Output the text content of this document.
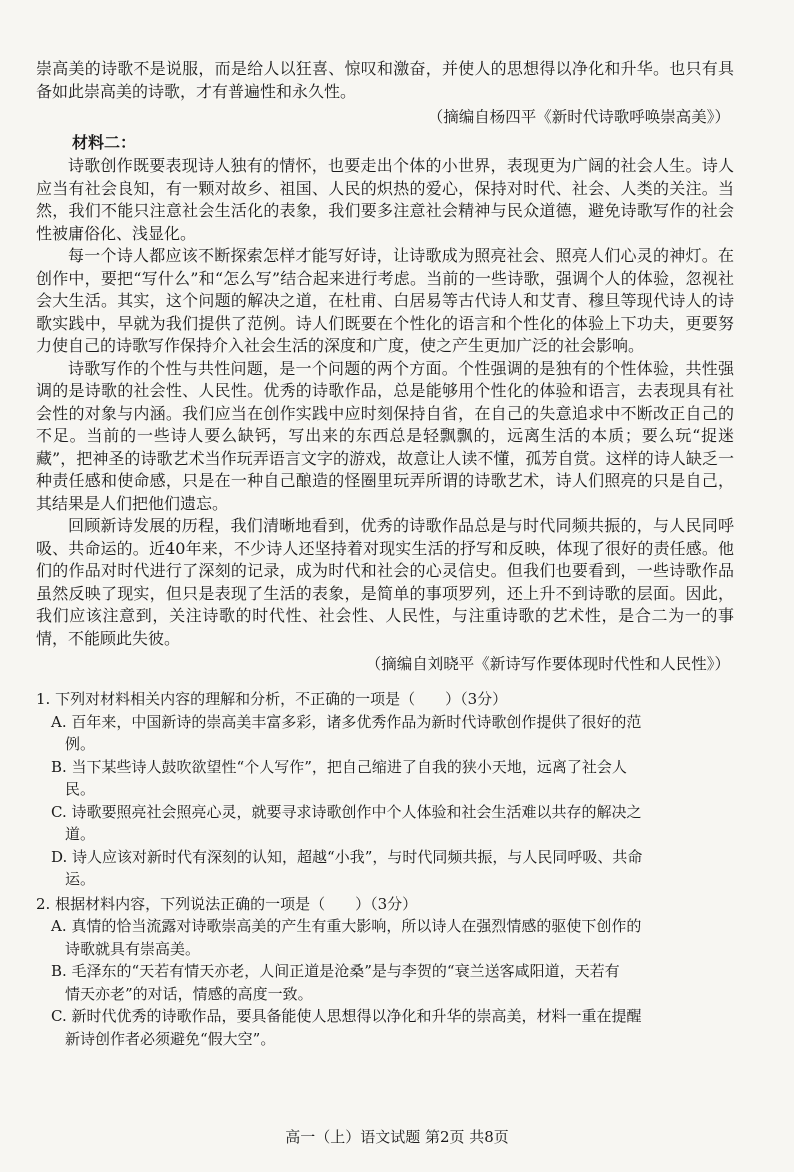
崇高美的诗歌不是说服，而是给人以狂喜、惊叹和激奋，并使人的思想得以净化和升华。也只有具备如此崇高美的诗歌，才有普遍性和永久性。

（摘编自杨四平《新时代诗歌呼唤崇高美》）

材料二：

诗歌创作既要表现诗人独有的情怀，也要走出个体的小世界，表现更为广阔的社会人生。诗人应当有社会良知，有一颗对故乡、祖国、人民的炽热的爱心，保持对时代、社会、人类的关注。当然，我们不能只注意社会生活化的表象，我们要多注意社会精神与民众道德，避免诗歌写作的社会性被庸俗化、浅显化。

每一个诗人都应该不断探索怎样才能写好诗，让诗歌成为照亮社会、照亮人们心灵的神灯。在创作中，要把“写什么”和“怎么写”结合起来进行考虑。当前的一些诗歌，强调个人的体验，忽视社会大生活。其实，这个问题的解决之道，在杜甫、白居易等古代诗人和艾青、穆旦等现代诗人的诗歌实践中，早就为我们提供了范例。诗人们既要在个性化的语言和个性化的体验上下功夫，更要努力使自己的诗歌写作保持介入社会生活的深度和广度，使之产生更加广泛的社会影响。

诗歌写作的个性与共性问题，是一个问题的两个方面。个性强调的是独有的个性体验，共性强调的是诗歌的社会性、人民性。优秀的诗歌作品，总是能够用个性化的体验和语言，去表现具有社会性的对象与内涵。我们应当在创作实践中应时刻保持自省，在自己的失意追求中不断改正自己的不足。当前的一些诗人要么缺钙，写出来的东西总是轻飘飘的，远离生活的本质；要么玩“捉迷藏”，把神圣的诗歌艺术当作玩弄语言文字的游戏，故意让人读不懂，孤芳自赏。这样的诗人缺乏一种责任感和使命感，只是在一种自己酿造的怪圈里玩弄所谓的诗歌艺术，诗人们照亮的只是自己，其结果是人们把他们遗忘。

回顾新诗发展的历程，我们清晰地看到，优秀的诗歌作品总是与时代同频共振的，与人民同呼吸、共命运的。近40年来，不少诗人还坚持着对现实生活的抒写和反映，体现了很好的责任感。他们的作品对时代进行了深刻的记录，成为时代和社会的心灵信史。但我们也要看到，一些诗歌作品虽然反映了现实，但只是表现了生活的表象，是简单的事项罗列，还上升不到诗歌的层面。因此，我们应该注意到，关注诗歌的时代性、社会性、人民性，与注重诗歌的艺术性，是合二为一的事情，不能顾此失彼。

（摘编自刘晓平《新诗写作要体现时代性和人民性》）

1. 下列对材料相关内容的理解和分析，不正确的一项是（　　）（3分）

A. 百年来，中国新诗的崇高美丰富多彩，诸多优秀作品为新时代诗歌创作提供了很好的范
例。

B. 当下某些诗人鼓吹欲望性“个人写作”，把自己缩进了自我的狭小天地，远离了社会人
民。

C. 诗歌要照亮社会照亮心灵，就要寻求诗歌创作中个人体验和社会生活难以共存的解决之
道。

D. 诗人应该对新时代有深刻的认知，超越“小我”，与时代同频共振，与人民同呼吸、共命
运。

2. 根据材料内容，下列说法正确的一项是（　　）（3分）

A. 真情的恰当流露对诗歌崇高美的产生有重大影响，所以诗人在强烈情感的驱使下创作的
诗歌就具有崇高美。

B. 毛泽东的“天若有情天亦老，人间正道是沧桑”是与李贺的“衰兰送客咸阳道，天若有
情天亦老”的对话，情感的高度一致。

C. 新时代优秀的诗歌作品，要具备能使人思想得以净化和升华的崇高美，材料一重在提醒
新诗创作者必须避免“假大空”。

高一（上）语文试题 第2页 共8页
